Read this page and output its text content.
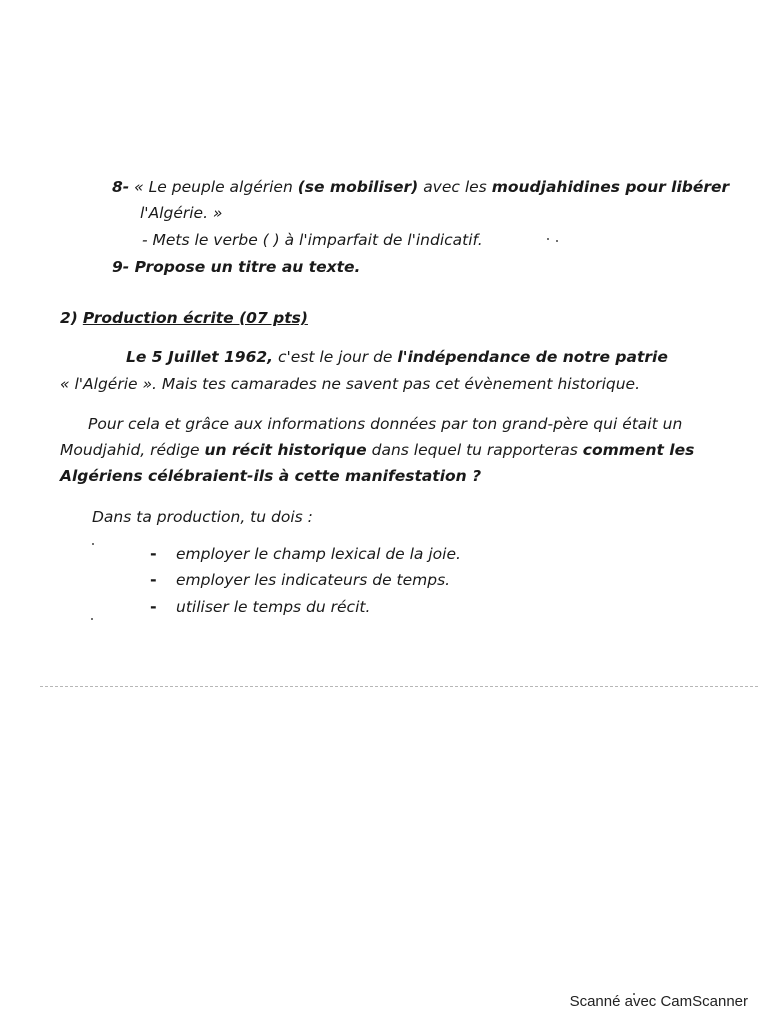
8- « Le peuple algérien (se mobiliser) avec les moudjahidines pour libérer
l'Algérie. »
- Mets le verbe ( ) à l'imparfait de l'indicatif.
9- Propose un titre au texte.
2) Production écrite (07 pts)
Le 5 Juillet 1962, c'est le jour de l'indépendance de notre patrie
« l'Algérie ». Mais tes camarades ne savent pas cet évènement historique.
Pour cela et grâce aux informations données par ton grand-père qui était un
Moudjahid, rédige un récit historique dans lequel tu rapporteras comment les
Algériens célébraient-ils à cette manifestation ?
Dans ta production, tu dois :
- employer le champ lexical de la joie.
- employer les indicateurs de temps.
- utiliser le temps du récit.
Scanné avec CamScanner
